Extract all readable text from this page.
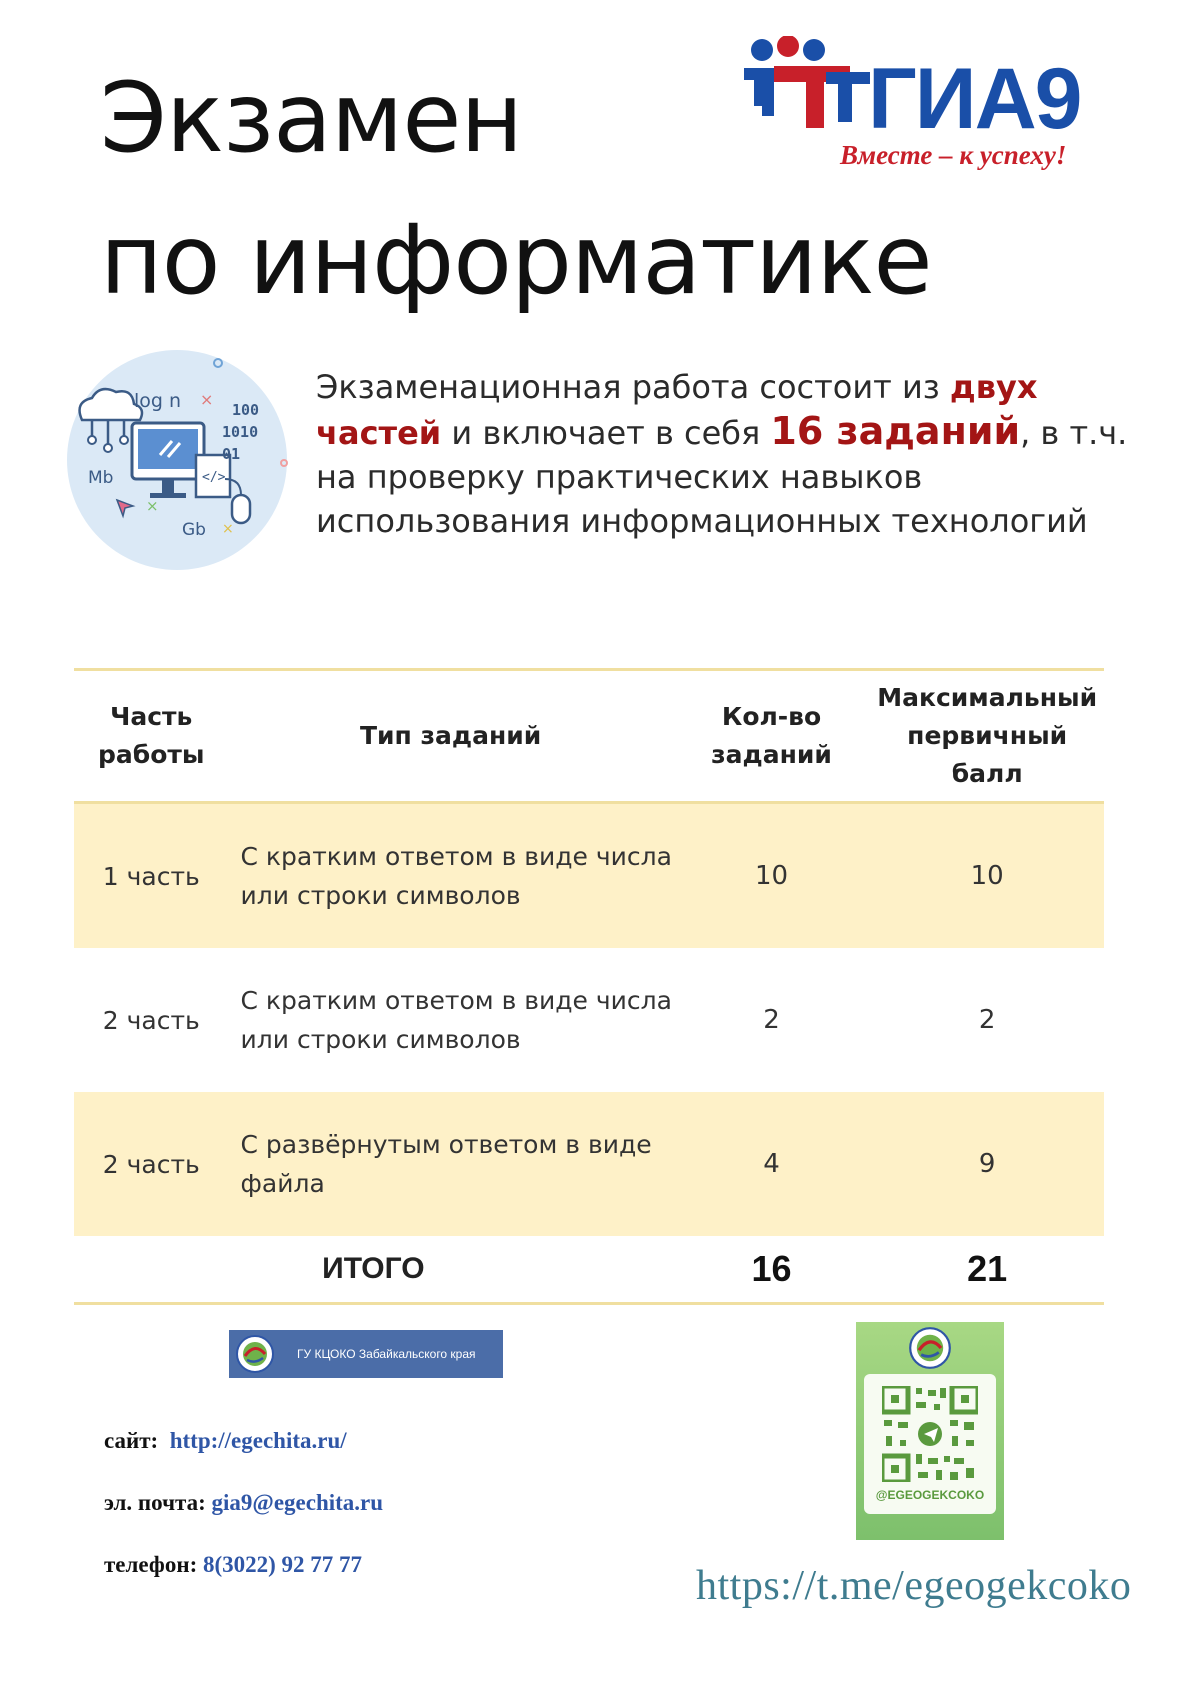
Экзамен
по информатике
ГИА9
Вместе – к успеху!
</>
log n ×
100
1010
01
Mb
×
Gb ×
Экзаменационная работа состоит из двух частей и включает в себя 16 заданий, в т.ч. на проверку практических навыков использования информационных технологий
Часть работы	Тип заданий	Кол-во заданий	Максимальный первичный балл
1 часть	С кратким ответом в виде числа или строки символов	10	10
2 часть	С кратким ответом в виде числа или строки символов	2	2
2 часть	С развёрнутым ответом в виде файла	4	9
ИТОГО		16	21
ГУ КЦОКО Забайкальского края
сайт: http://egechita.ru/
эл. почта: gia9@egechita.ru
телефон: 8(3022) 92 77 77
@EGEOGEKCOKO
https://t.me/egeogekcoko
